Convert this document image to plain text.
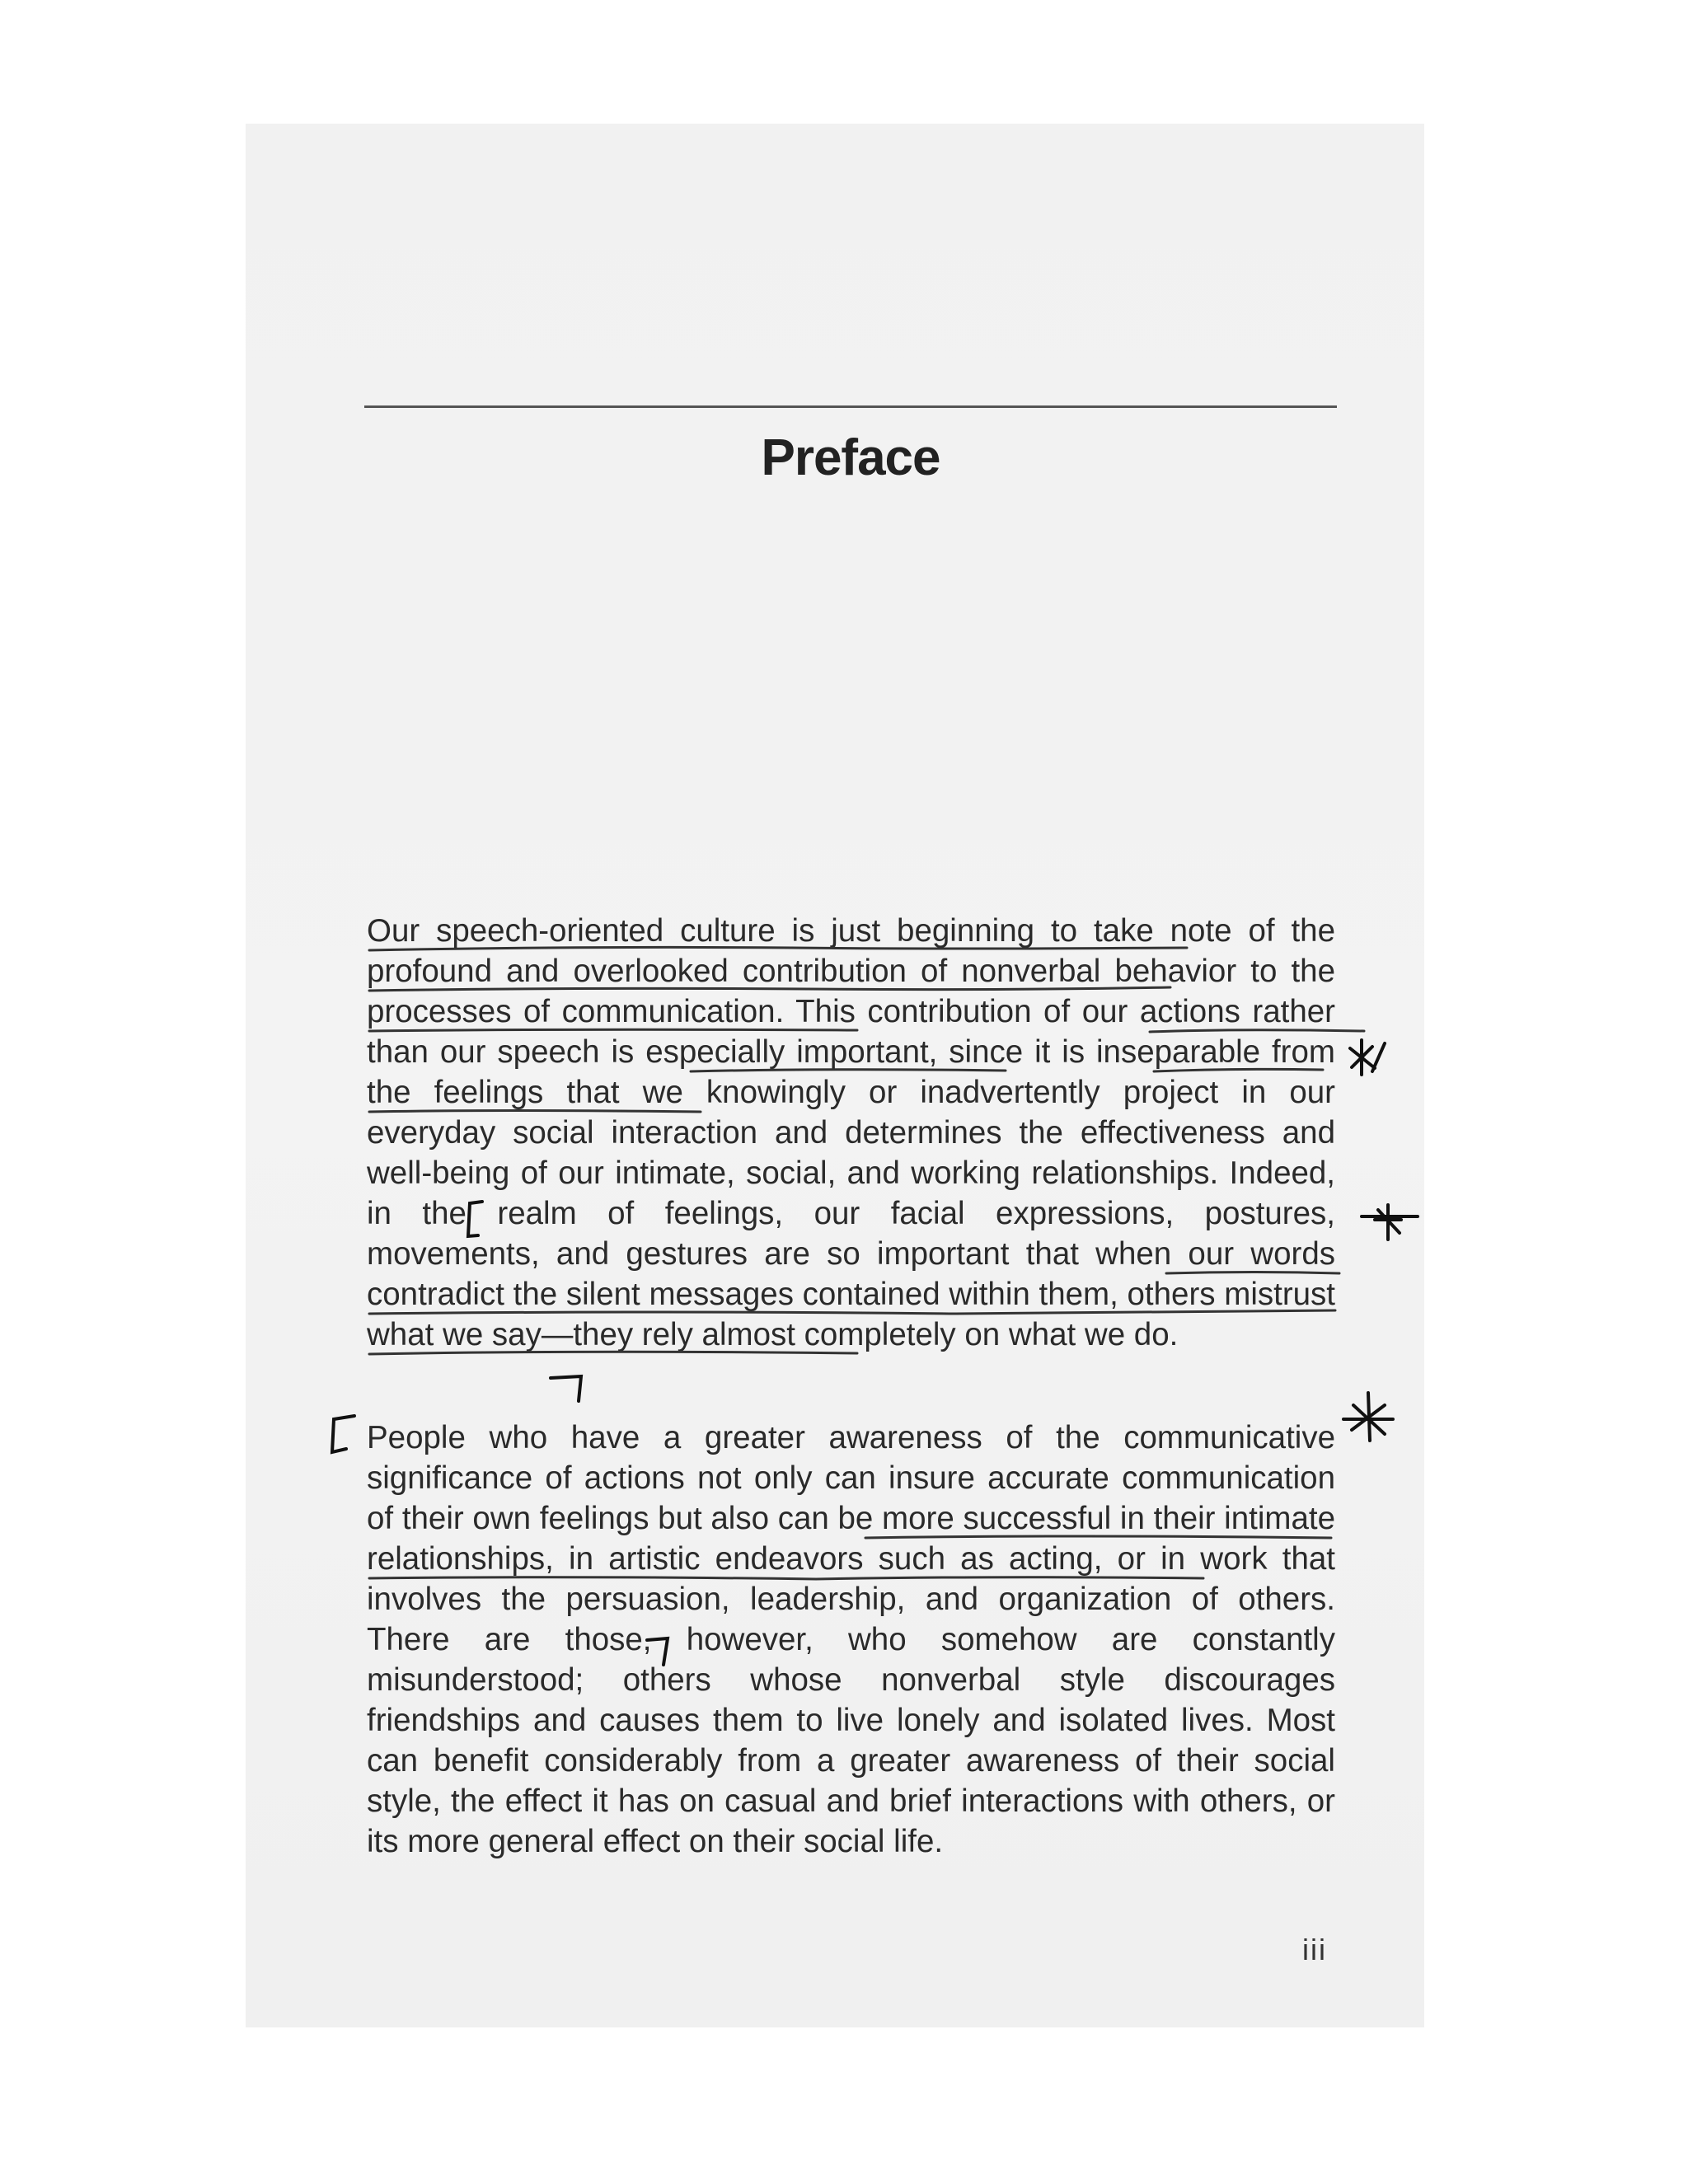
Preface

Our speech-oriented culture is just beginning to take note of the profound and overlooked contribution of nonverbal behavior to the processes of communication. This contribution of our actions rather than our speech is especially important, since it is inseparable from the feelings that we knowingly or inadvertently project in our everyday social interaction and determines the effectiveness and well-being of our intimate, social, and working relationships. Indeed, in the realm of feelings, our facial expressions, postures, movements, and gestures are so important that when our words contradict the silent messages contained within them, others mistrust what we say—they rely almost completely on what we do.

People who have a greater awareness of the communicative significance of actions not only can insure accurate communication of their own feelings but also can be more successful in their intimate relationships, in artistic endeavors such as acting, or in work that involves the persuasion, leadership, and organization of others. There are those, however, who somehow are constantly misunderstood; others whose nonverbal style discourages friendships and causes them to live lonely and isolated lives. Most can benefit considerably from a greater awareness of their social style, the effect it has on casual and brief interactions with others, or its more general effect on their social life.

iii
